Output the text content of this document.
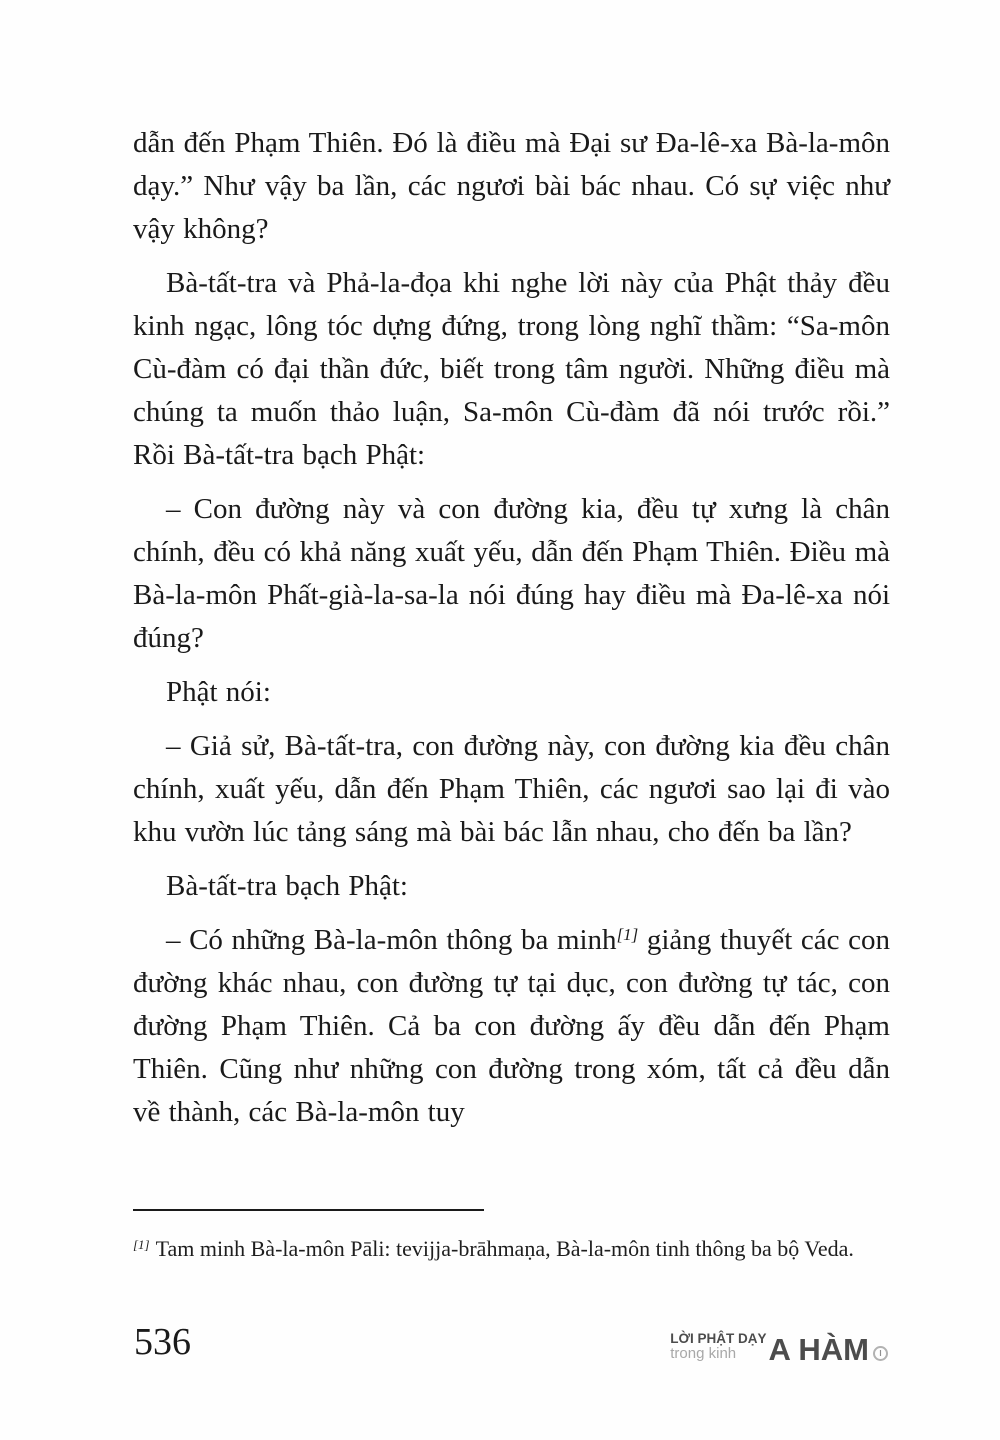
dẫn đến Phạm Thiên. Đó là điều mà Đại sư Đa-lê-xa Bà-la-môn dạy.” Như vậy ba lần, các ngươi bài bác nhau. Có sự việc như vậy không?

Bà-tất-tra và Phả-la-đọa khi nghe lời này của Phật thảy đều kinh ngạc, lông tóc dựng đứng, trong lòng nghĩ thầm: “Sa-môn Cù-đàm có đại thần đức, biết trong tâm người. Những điều mà chúng ta muốn thảo luận, Sa-môn Cù-đàm đã nói trước rồi.” Rồi Bà-tất-tra bạch Phật:

– Con đường này và con đường kia, đều tự xưng là chân chính, đều có khả năng xuất yếu, dẫn đến Phạm Thiên. Điều mà Bà-la-môn Phất-già-la-sa-la nói đúng hay điều mà Đa-lê-xa nói đúng?

Phật nói:

– Giả sử, Bà-tất-tra, con đường này, con đường kia đều chân chính, xuất yếu, dẫn đến Phạm Thiên, các ngươi sao lại đi vào khu vườn lúc tảng sáng mà bài bác lẫn nhau, cho đến ba lần?

Bà-tất-tra bạch Phật:

– Có những Bà-la-môn thông ba minh[1] giảng thuyết các con đường khác nhau, con đường tự tại dục, con đường tự tác, con đường Phạm Thiên. Cả ba con đường ấy đều dẫn đến Phạm Thiên. Cũng như những con đường trong xóm, tất cả đều dẫn về thành, các Bà-la-môn tuy

[1] Tam minh Bà-la-môn Pāli: tevijja-brāhmaṇa, Bà-la-môn tinh thông ba bộ Veda.

536	LỜI PHẬT DẠY
trong kinh A HÀM	I
